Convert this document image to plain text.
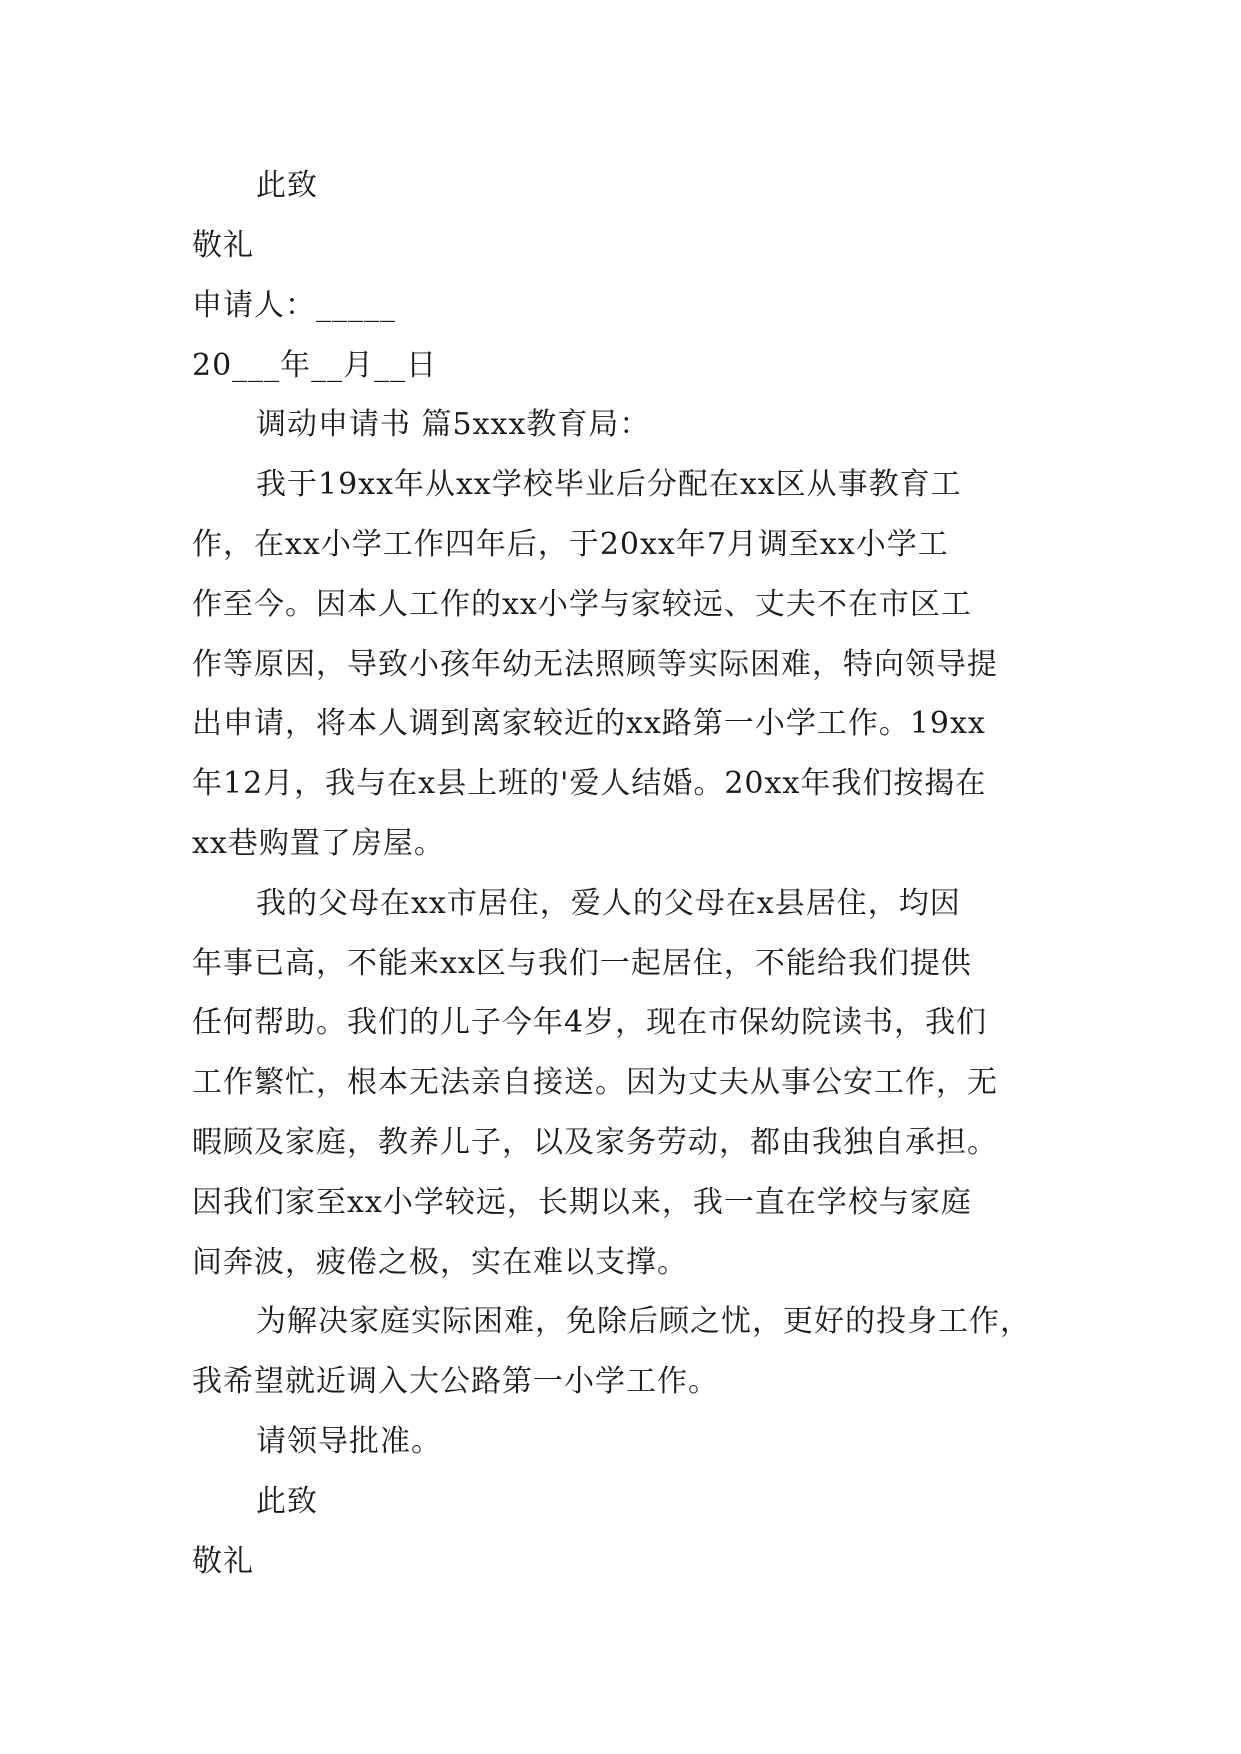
此致
敬礼
申请人：_____
20___年__月__日
调动申请书 篇5xxx教育局：
我于19xx年从xx学校毕业后分配在xx区从事教育工
作，在xx小学工作四年后，于20xx年7月调至xx小学工
作至今。因本人工作的xx小学与家较远、丈夫不在市区工
作等原因，导致小孩年幼无法照顾等实际困难，特向领导提
出申请，将本人调到离家较近的xx路第一小学工作。19xx
年12月，我与在x县上班的'爱人结婚。20xx年我们按揭在
xx巷购置了房屋。
我的父母在xx市居住，爱人的父母在x县居住，均因
年事已高，不能来xx区与我们一起居住，不能给我们提供
任何帮助。我们的儿子今年4岁，现在市保幼院读书，我们
工作繁忙，根本无法亲自接送。因为丈夫从事公安工作，无
暇顾及家庭，教养儿子，以及家务劳动，都由我独自承担。
因我们家至xx小学较远，长期以来，我一直在学校与家庭
间奔波，疲倦之极，实在难以支撑。
为解决家庭实际困难，免除后顾之忧，更好的投身工作，
我希望就近调入大公路第一小学工作。
请领导批准。
此致
敬礼
